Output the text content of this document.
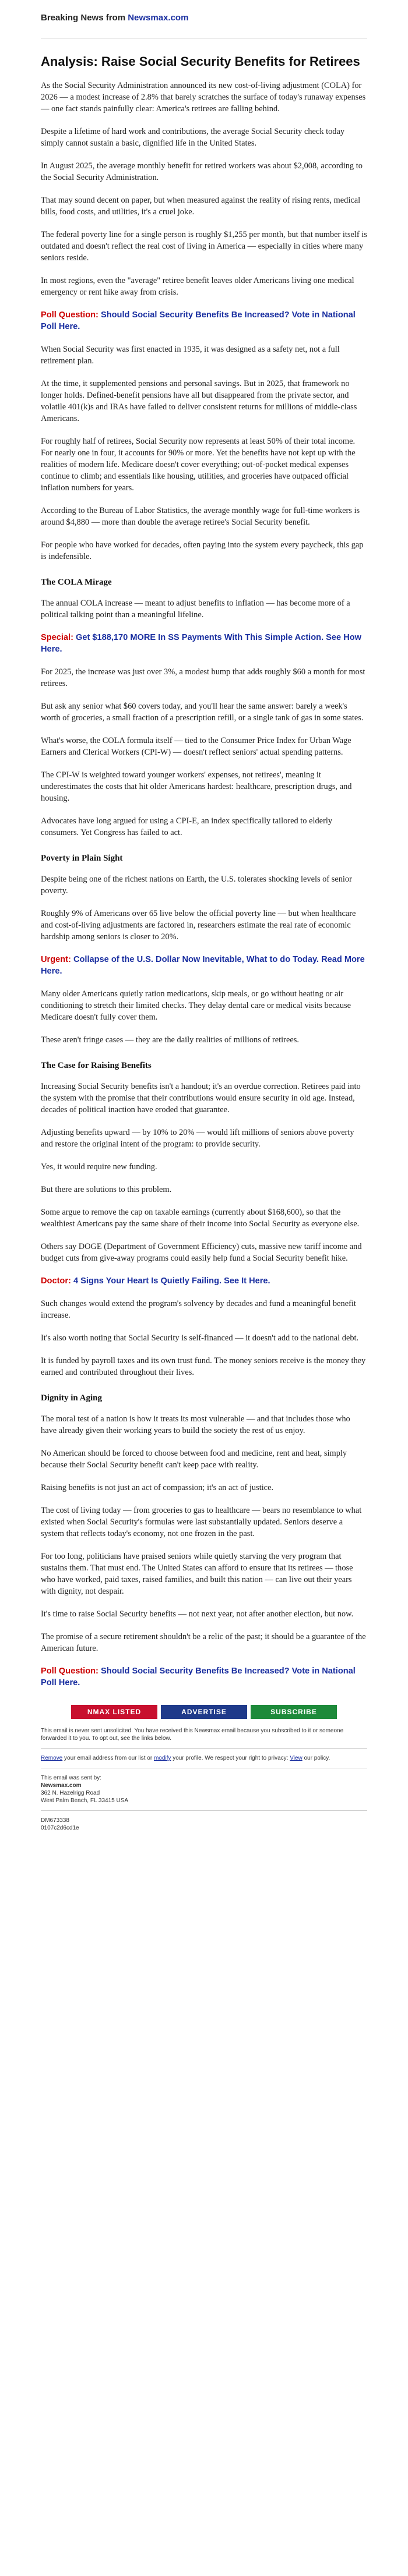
Breaking News from Newsmax.com
Analysis: Raise Social Security Benefits for Retirees

As the Social Security Administration announced its new cost-of-living adjustment (COLA) for 2026 — a modest increase of 2.8% that barely scratches the surface of today's runaway expenses — one fact stands painfully clear: America's retirees are falling behind.

Despite a lifetime of hard work and contributions, the average Social Security check today simply cannot sustain a basic, dignified life in the United States.

In August 2025, the average monthly benefit for retired workers was about $2,008, according to the Social Security Administration.

That may sound decent on paper, but when measured against the reality of rising rents, medical bills, food costs, and utilities, it's a cruel joke.

The federal poverty line for a single person is roughly $1,255 per month, but that number itself is outdated and doesn't reflect the real cost of living in America — especially in cities where many seniors reside.

In most regions, even the "average" retiree benefit leaves older Americans living one medical emergency or rent hike away from crisis.

Poll Question: Should Social Security Benefits Be Increased? Vote in National Poll Here.

When Social Security was first enacted in 1935, it was designed as a safety net, not a full retirement plan.

At the time, it supplemented pensions and personal savings. But in 2025, that framework no longer holds. Defined-benefit pensions have all but disappeared from the private sector, and volatile 401(k)s and IRAs have failed to deliver consistent returns for millions of middle-class Americans.

For roughly half of retirees, Social Security now represents at least 50% of their total income. For nearly one in four, it accounts for 90% or more. Yet the benefits have not kept up with the realities of modern life. Medicare doesn't cover everything; out-of-pocket medical expenses continue to climb; and essentials like housing, utilities, and groceries have outpaced official inflation numbers for years.

According to the Bureau of Labor Statistics, the average monthly wage for full-time workers is around $4,880 — more than double the average retiree's Social Security benefit.

For people who have worked for decades, often paying into the system every paycheck, this gap is indefensible.

The COLA Mirage

The annual COLA increase — meant to adjust benefits to inflation — has become more of a political talking point than a meaningful lifeline.

Special: Get $188,170 MORE In SS Payments With This Simple Action. See How Here.

For 2025, the increase was just over 3%, a modest bump that adds roughly $60 a month for most retirees.

But ask any senior what $60 covers today, and you'll hear the same answer: barely a week's worth of groceries, a small fraction of a prescription refill, or a single tank of gas in some states.

What's worse, the COLA formula itself — tied to the Consumer Price Index for Urban Wage Earners and Clerical Workers (CPI-W) — doesn't reflect seniors' actual spending patterns.

The CPI-W is weighted toward younger workers' expenses, not retirees', meaning it underestimates the costs that hit older Americans hardest: healthcare, prescription drugs, and housing.

Advocates have long argued for using a CPI-E, an index specifically tailored to elderly consumers. Yet Congress has failed to act.

Poverty in Plain Sight

Despite being one of the richest nations on Earth, the U.S. tolerates shocking levels of senior poverty.

Roughly 9% of Americans over 65 live below the official poverty line — but when healthcare and cost-of-living adjustments are factored in, researchers estimate the real rate of economic hardship among seniors is closer to 20%.

Urgent: Collapse of the U.S. Dollar Now Inevitable, What to do Today. Read More Here.

Many older Americans quietly ration medications, skip meals, or go without heating or air conditioning to stretch their limited checks. They delay dental care or medical visits because Medicare doesn't fully cover them.

These aren't fringe cases — they are the daily realities of millions of retirees.

The Case for Raising Benefits

Increasing Social Security benefits isn't a handout; it's an overdue correction. Retirees paid into the system with the promise that their contributions would ensure security in old age. Instead, decades of political inaction have eroded that guarantee.

Adjusting benefits upward — by 10% to 20% — would lift millions of seniors above poverty and restore the original intent of the program: to provide security.

Yes, it would require new funding.

But there are solutions to this problem.

Some argue to remove the cap on taxable earnings (currently about $168,600), so that the wealthiest Americans pay the same share of their income into Social Security as everyone else.

Others say DOGE (Department of Government Efficiency) cuts, massive new tariff income and budget cuts from give-away programs could easily help fund a Social Security benefit hike.

Doctor: 4 Signs Your Heart Is Quietly Failing. See It Here.

Such changes would extend the program's solvency by decades and fund a meaningful benefit increase.

It's also worth noting that Social Security is self-financed — it doesn't add to the national debt.

It is funded by payroll taxes and its own trust fund. The money seniors receive is the money they earned and contributed throughout their lives.

Dignity in Aging

The moral test of a nation is how it treats its most vulnerable — and that includes those who have already given their working years to build the society the rest of us enjoy.

No American should be forced to choose between food and medicine, rent and heat, simply because their Social Security benefit can't keep pace with reality.

Raising benefits is not just an act of compassion; it's an act of justice.

The cost of living today — from groceries to gas to healthcare — bears no resemblance to what existed when Social Security's formulas were last substantially updated. Seniors deserve a system that reflects today's economy, not one frozen in the past.

For too long, politicians have praised seniors while quietly starving the very program that sustains them. That must end. The United States can afford to ensure that its retirees — those who have worked, paid taxes, raised families, and built this nation — can live out their years with dignity, not despair.

It's time to raise Social Security benefits — not next year, not after another election, but now.

The promise of a secure retirement shouldn't be a relic of the past; it should be a guarantee of the American future.

Poll Question: Should Social Security Benefits Be Increased? Vote in National Poll Here.
NMAX LISTED NYSE
ADVERTISE	SUBSCRIBE

This email is never sent unsolicited. You have received this Newsmax email because you subscribed to it or someone forwarded it to you. To opt out, see the links below.

Remove your email address from our list or modify your profile. We respect your right to privacy: View our policy.

This email was sent by:
Newsmax.com
362 N. Hazelrigg Road
West Palm Beach, FL 33415 USA

DM673338
0107c2d6cd1e
